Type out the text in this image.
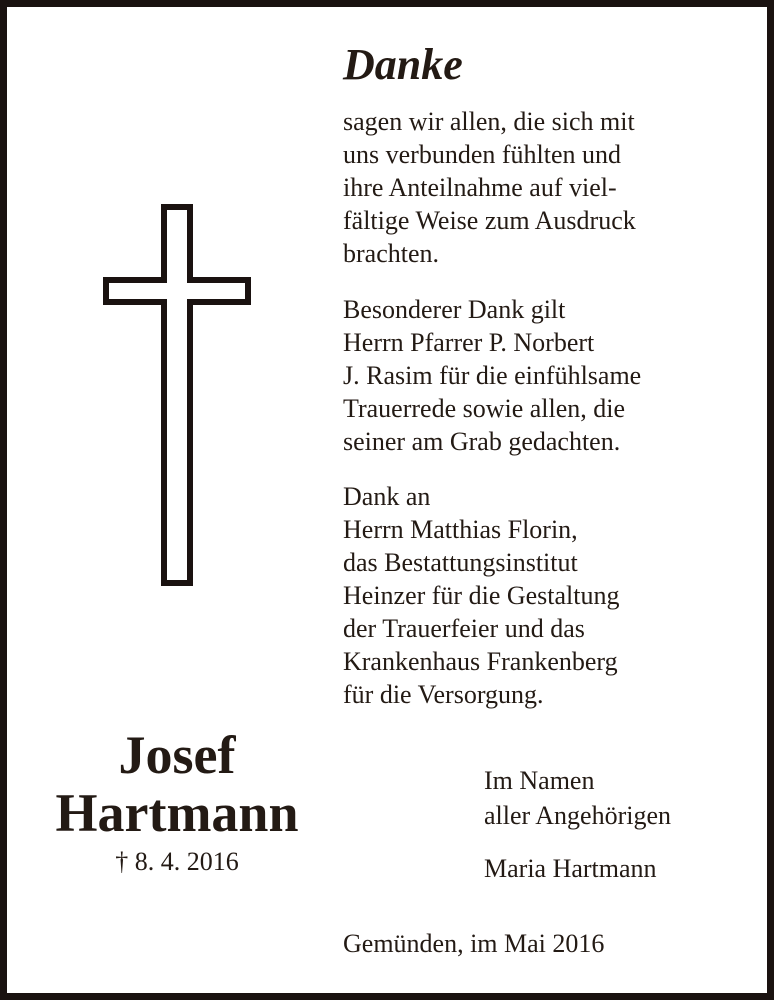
Danke

sagen wir allen, die sich mit
uns verbunden fühlten und
ihre Anteilnahme auf viel-
fältige Weise zum Ausdruck
brachten.

Besonderer Dank gilt
Herrn Pfarrer P. Norbert
J. Rasim für die einfühlsame
Trauerrede sowie allen, die
seiner am Grab gedachten.

Dank an
Herrn Matthias Florin,
das Bestattungsinstitut
Heinzer für die Gestaltung
der Trauerfeier und das
Krankenhaus Frankenberg
für die Versorgung.

Josef

Hartmann

† 8. 4. 2016

Im Namen
aller Angehörigen

Maria Hartmann

Gemünden, im Mai 2016
